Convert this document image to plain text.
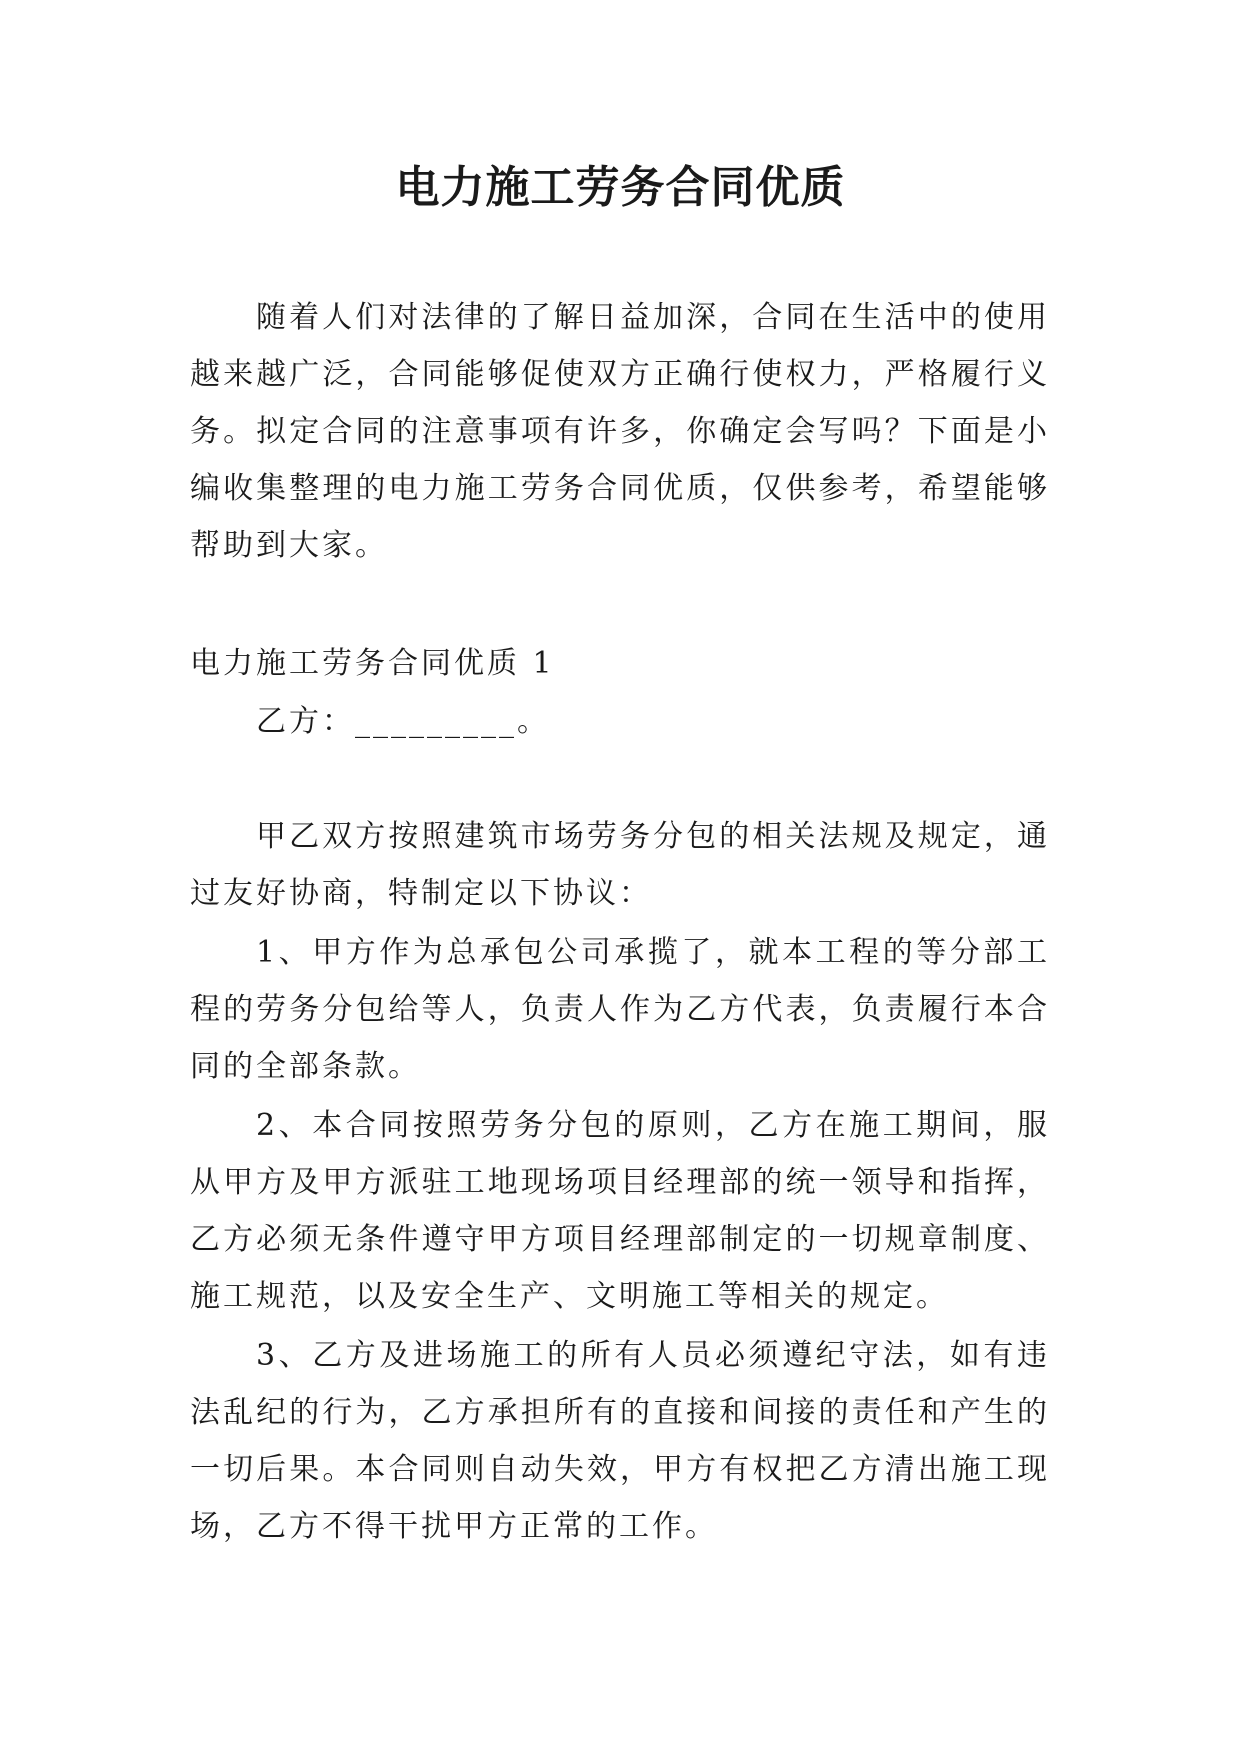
电力施工劳务合同优质

随着人们对法律的了解日益加深，合同在生活中的使用越来越广泛，合同能够促使双方正确行使权力，严格履行义务。拟定合同的注意事项有许多，你确定会写吗？下面是小编收集整理的电力施工劳务合同优质，仅供参考，希望能够帮助到大家。

电力施工劳务合同优质 1

乙方：_________。

甲乙双方按照建筑市场劳务分包的相关法规及规定，通过友好协商，特制定以下协议：

1、甲方作为总承包公司承揽了，就本工程的等分部工程的劳务分包给等人，负责人作为乙方代表，负责履行本合同的全部条款。

2、本合同按照劳务分包的原则，乙方在施工期间，服从甲方及甲方派驻工地现场项目经理部的统一领导和指挥，乙方必须无条件遵守甲方项目经理部制定的一切规章制度、施工规范，以及安全生产、文明施工等相关的规定。

3、乙方及进场施工的所有人员必须遵纪守法，如有违法乱纪的行为，乙方承担所有的直接和间接的责任和产生的一切后果。本合同则自动失效，甲方有权把乙方清出施工现场，乙方不得干扰甲方正常的工作。
